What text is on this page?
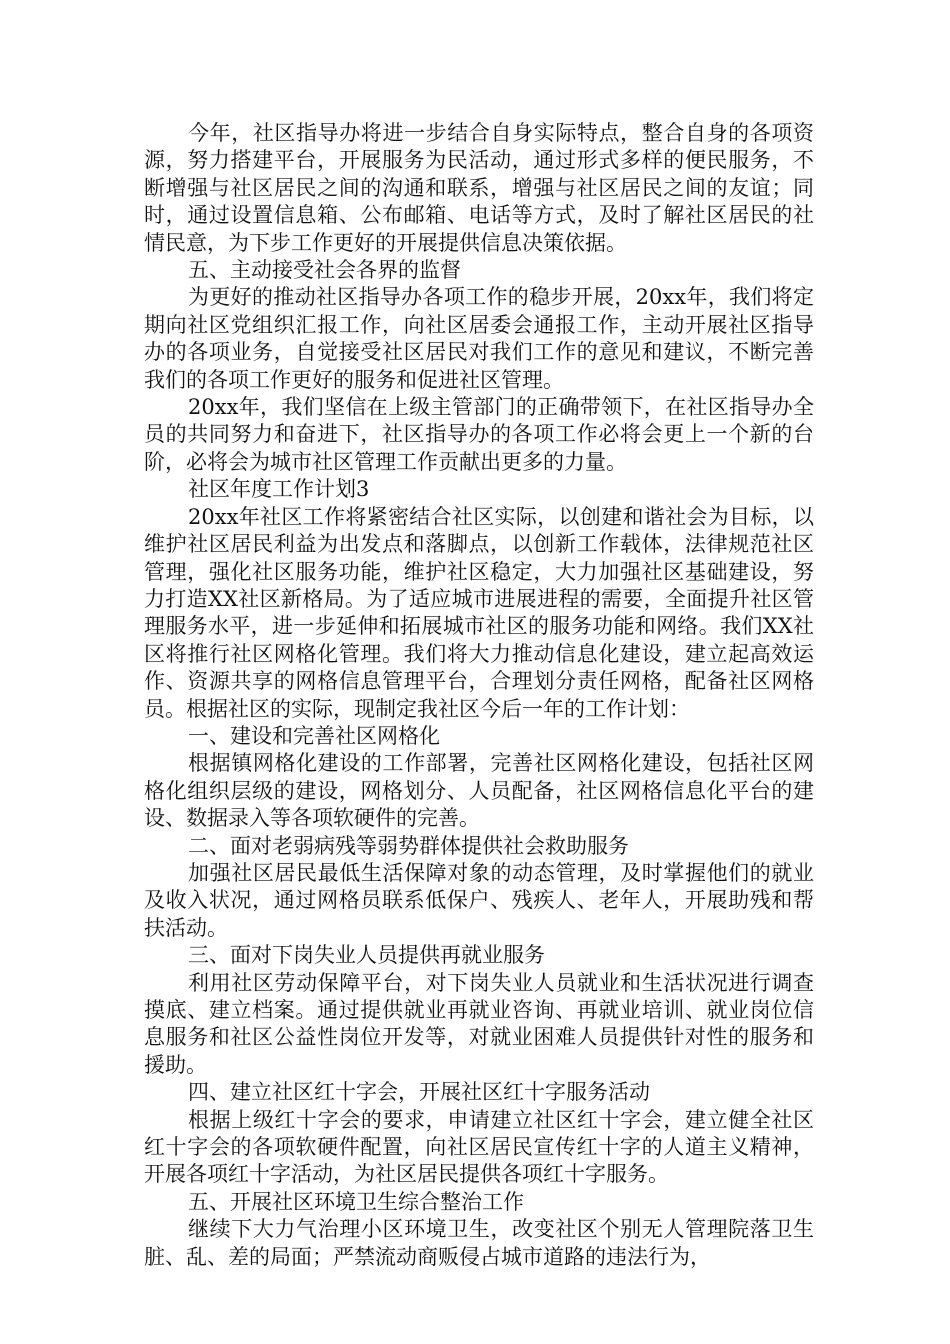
今年，社区指导办将进一步结合自身实际特点，整合自身的各项资源，努力搭建平台，开展服务为民活动，通过形式多样的便民服务，不断增强与社区居民之间的沟通和联系，增强与社区居民之间的友谊；同时，通过设置信息箱、公布邮箱、电话等方式，及时了解社区居民的社情民意，为下步工作更好的开展提供信息决策依据。

五、主动接受社会各界的监督

为更好的推动社区指导办各项工作的稳步开展，20xx年，我们将定期向社区党组织汇报工作，向社区居委会通报工作，主动开展社区指导办的各项业务，自觉接受社区居民对我们工作的意见和建议，不断完善我们的各项工作更好的服务和促进社区管理。

20xx年，我们坚信在上级主管部门的正确带领下，在社区指导办全员的共同努力和奋进下，社区指导办的各项工作必将会更上一个新的台阶，必将会为城市社区管理工作贡献出更多的力量。

社区年度工作计划3

20xx年社区工作将紧密结合社区实际，以创建和谐社会为目标，以维护社区居民利益为出发点和落脚点，以创新工作载体，法律规范社区管理，强化社区服务功能，维护社区稳定，大力加强社区基础建设，努力打造XX社区新格局。为了适应城市进展进程的需要，全面提升社区管理服务水平，进一步延伸和拓展城市社区的服务功能和网络。我们XX社区将推行社区网格化管理。我们将大力推动信息化建设，建立起高效运作、资源共享的网格信息管理平台，合理划分责任网格，配备社区网格员。根据社区的实际，现制定我社区今后一年的工作计划：

一、建设和完善社区网格化

根据镇网格化建设的工作部署，完善社区网格化建设，包括社区网格化组织层级的建设，网格划分、人员配备，社区网格信息化平台的建设、数据录入等各项软硬件的完善。

二、面对老弱病残等弱势群体提供社会救助服务

加强社区居民最低生活保障对象的动态管理，及时掌握他们的就业及收入状况，通过网格员联系低保户、残疾人、老年人，开展助残和帮扶活动。

三、面对下岗失业人员提供再就业服务

利用社区劳动保障平台，对下岗失业人员就业和生活状况进行调查摸底、建立档案。通过提供就业再就业咨询、再就业培训、就业岗位信息服务和社区公益性岗位开发等，对就业困难人员提供针对性的服务和援助。

四、建立社区红十字会，开展社区红十字服务活动

根据上级红十字会的要求，申请建立社区红十字会，建立健全社区红十字会的各项软硬件配置，向社区居民宣传红十字的人道主义精神，开展各项红十字活动，为社区居民提供各项红十字服务。

五、开展社区环境卫生综合整治工作

继续下大力气治理小区环境卫生，改变社区个别无人管理院落卫生脏、乱、差的局面；严禁流动商贩侵占城市道路的违法行为，
